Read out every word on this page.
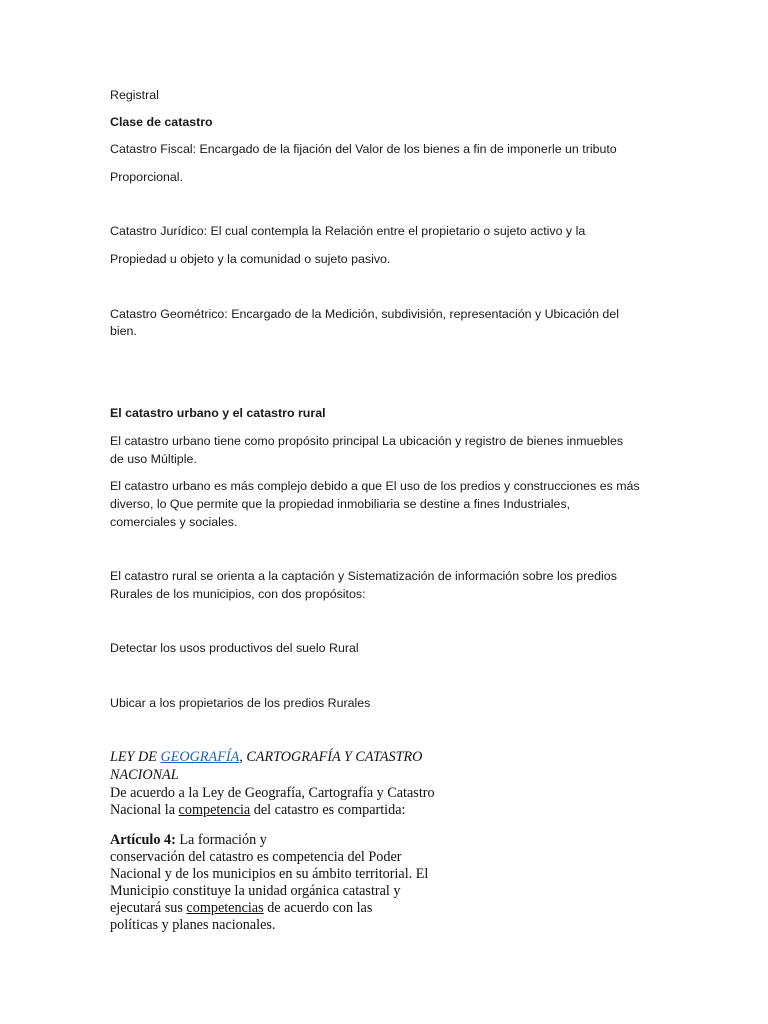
Registral

Clase de catastro

Catastro Fiscal: Encargado de la fijación del Valor de los bienes a fin de imponerle un tributo

Proporcional.

Catastro Jurídico: El cual contempla la Relación entre el propietario o sujeto activo y la

Propiedad u objeto y la comunidad o sujeto pasivo.

Catastro Geométrico: Encargado de la Medición, subdivisión, representación y Ubicación del

bien.

El catastro urbano y el catastro rural

El catastro urbano tiene como propósito principal La ubicación y registro de bienes inmuebles

de uso Múltiple.

El catastro urbano es más complejo debido a que El uso de los predios y construcciones es más

diverso, lo Que permite que la propiedad inmobiliaria se destine a fines Industriales,

comerciales y sociales.

El catastro rural se orienta a la captación y Sistematización de información sobre los predios

Rurales de los municipios, con dos propósitos:

Detectar los usos productivos del suelo Rural

Ubicar a los propietarios de los predios Rurales

LEY DE GEOGRAFÍA, CARTOGRAFÍA Y CATASTRO

NACIONAL

De acuerdo a la Ley de Geografía, Cartografía y Catastro

Nacional la competencia del catastro es compartida:

Artículo 4: La formación y

conservación del catastro es competencia del Poder

Nacional y de los municipios en su ámbito territorial. El

Municipio constituye la unidad orgánica catastral y

ejecutará sus competencias de acuerdo con las

políticas y planes nacionales.
